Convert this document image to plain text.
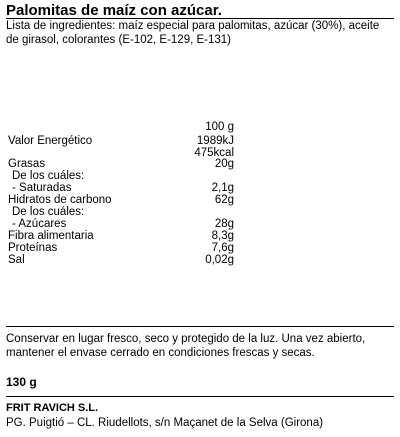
Palomitas de maíz con azúcar.
Lista de ingredientes: maíz especial para palomitas, azúcar (30%), aceite de girasol, colorantes (E-102, E-129, E-131)
100 g
Valor Energético	1989kJ
475kcal
Grasas	20g
De los cuáles:
- Saturadas	2,1g
Hidratos de carbono	62g
De los cuáles:
- Azúcares	28g
Fibra alimentaria	8,3g
Proteínas	7,6g
Sal	0,02g
Conservar en lugar fresco, seco y protegido de la luz. Una vez abierto, mantener el envase cerrado en condiciones frescas y secas.
130 g
FRIT RAVICH S.L.
PG. Puigtió – CL. Riudellots, s/n Maçanet de la Selva (Girona)
